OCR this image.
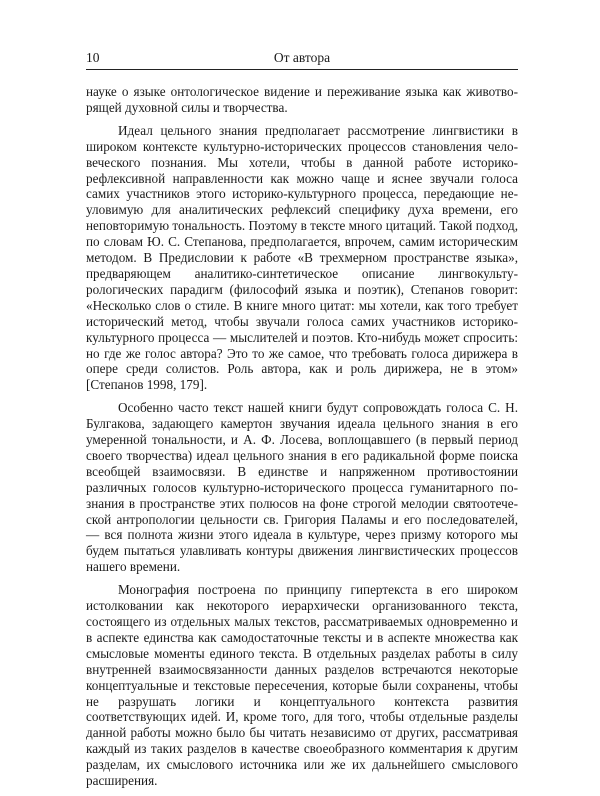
10	От автора

науке о языке онтологическое видение и переживание языка как животворящей духовной силы и творчества.

Идеал цельного знания предполагает рассмотрение лингвистики в широком контексте культурно-исторических процессов становления человеческого познания. Мы хотели, чтобы в данной работе историко-рефлексивной направленности как можно чаще и яснее звучали голоса самих участников этого историко-культурного процесса, передающие неуловимую для аналитических рефлексий специфику духа времени, его неповторимую тональность. Поэтому в тексте много цитаций. Такой подход, по словам Ю. С. Степанова, предполагается, впрочем, самим историческим методом. В Предисловии к работе «В трехмерном пространстве языка», предваряющем аналитико-синтетическое описание лингвокультурологических парадигм (философий языка и поэтик), Степанов говорит: «Несколько слов о стиле. В книге много цитат: мы хотели, как того требует исторический метод, чтобы звучали голоса самих участников историко-культурного процесса — мыслителей и поэтов. Кто-нибудь может спросить: но где же голос автора? Это то же самое, что требовать голоса дирижера в опере среди солистов. Роль автора, как и роль дирижера, не в этом» [Степанов 1998, 179].

Особенно часто текст нашей книги будут сопровождать голоса С. Н. Булгакова, задающего камертон звучания идеала цельного знания в его умеренной тональности, и А. Ф. Лосева, воплощавшего (в первый период своего творчества) идеал цельного знания в его радикальной форме поиска всеобщей взаимосвязи. В единстве и напряженном противостоянии различных голосов культурно-исторического процесса гуманитарного познания в пространстве этих полюсов на фоне строгой мелодии святоотеческой антропологии цельности св. Григория Паламы и его последователей, — вся полнота жизни этого идеала в культуре, через призму которого мы будем пытаться улавливать контуры движения лингвистических процессов нашего времени.

Монография построена по принципу гипертекста в его широком истолковании как некоторого иерархически организованного текста, состоящего из отдельных малых текстов, рассматриваемых одновременно и в аспекте единства как самодостаточные тексты и в аспекте множества как смысловые моменты единого текста. В отдельных разделах работы в силу внутренней взаимосвязанности данных разделов встречаются некоторые концептуальные и текстовые пересечения, которые были сохранены, чтобы не разрушать логики и концептуального контекста развития соответствующих идей. И, кроме того, для того, чтобы отдельные разделы данной работы можно было бы читать независимо от других, рассматривая каждый из таких разделов в качестве своеобразного комментария к другим разделам, их смыслового источника или же их дальнейшего смыслового расширения.
